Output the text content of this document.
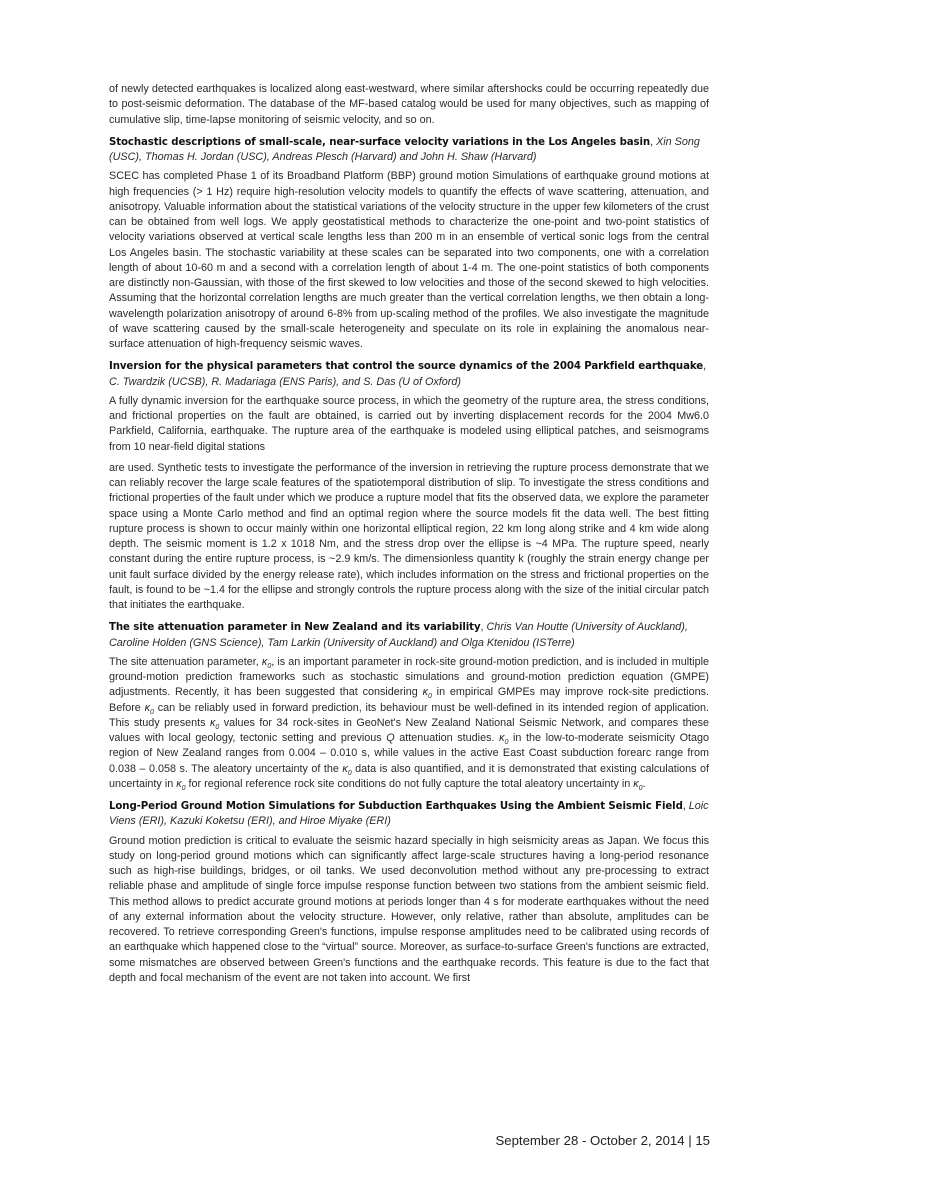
of newly detected earthquakes is localized along east-westward, where similar aftershocks could be occurring repeatedly due to post-seismic deformation. The database of the MF-based catalog would be used for many objectives, such as mapping of cumulative slip, time-lapse monitoring of seismic velocity, and so on.

Stochastic descriptions of small-scale, near-surface velocity variations in the Los Angeles basin, Xin Song (USC), Thomas H. Jordan (USC), Andreas Plesch (Harvard) and John H. Shaw (Harvard)

SCEC has completed Phase 1 of its Broadband Platform (BBP) ground motion Simulations of earthquake ground motions at high frequencies (> 1 Hz) require high-resolution velocity models to quantify the effects of wave scattering, attenuation, and anisotropy. Valuable information about the statistical variations of the velocity structure in the upper few kilometers of the crust can be obtained from well logs. We apply geostatistical methods to characterize the one-point and two-point statistics of velocity variations observed at vertical scale lengths less than 200 m in an ensemble of vertical sonic logs from the central Los Angeles basin. The stochastic variability at these scales can be separated into two components, one with a correlation length of about 10-60 m and a second with a correlation length of about 1-4 m. The one-point statistics of both components are distinctly non-Gaussian, with those of the first skewed to low velocities and those of the second skewed to high velocities. Assuming that the horizontal correlation lengths are much greater than the vertical correlation lengths, we then obtain a long-wavelength polarization anisotropy of around 6-8% from up-scaling method of the profiles. We also investigate the magnitude of wave scattering caused by the small-scale heterogeneity and speculate on its role in explaining the anomalous near-surface attenuation of high-frequency seismic waves.

Inversion for the physical parameters that control the source dynamics of the 2004 Parkfield earthquake, C. Twardzik (UCSB), R. Madariaga (ENS Paris), and S. Das (U of Oxford)

A fully dynamic inversion for the earthquake source process, in which the geometry of the rupture area, the stress conditions, and frictional properties on the fault are obtained, is carried out by inverting displacement records for the 2004 Mw6.0 Parkfield, California, earthquake. The rupture area of the earthquake is modeled using elliptical patches, and seismograms from 10 near-field digital stations

are used. Synthetic tests to investigate the performance of the inversion in retrieving the rupture process demonstrate that we can reliably recover the large scale features of the spatiotemporal distribution of slip. To investigate the stress conditions and frictional properties of the fault under which we produce a rupture model that fits the observed data, we explore the parameter space using a Monte Carlo method and find an optimal region where the source models fit the data well. The best fitting rupture process is shown to occur mainly within one horizontal elliptical region, 22 km long along strike and 4 km wide along depth. The seismic moment is 1.2 x 1018 Nm, and the stress drop over the ellipse is ~4 MPa. The rupture speed, nearly constant during the entire rupture process, is ~2.9 km/s. The dimensionless quantity k (roughly the strain energy change per unit fault surface divided by the energy release rate), which includes information on the stress and frictional properties on the fault, is found to be ~1.4 for the ellipse and strongly controls the rupture process along with the size of the initial circular patch that initiates the earthquake.

The site attenuation parameter in New Zealand and its variability, Chris Van Houtte (University of Auckland), Caroline Holden (GNS Science), Tam Larkin (University of Auckland) and Olga Ktenidou (ISTerre)

The site attenuation parameter, $\kappa_0$, is an important parameter in rock-site ground-motion prediction, and is included in multiple ground-motion prediction frameworks such as stochastic simulations and ground-motion prediction equation (GMPE) adjustments. Recently, it has been suggested that considering $\kappa_0$ in empirical GMPEs may improve rock-site predictions. Before $\kappa_0$ can be reliably used in forward prediction, its behaviour must be well-defined in its intended region of application. This study presents $\kappa_0$ values for 34 rock-sites in GeoNet's New Zealand National Seismic Network, and compares these values with local geology, tectonic setting and previous Q attenuation studies. $\kappa_0$ in the low-to-moderate seismicity Otago region of New Zealand ranges from 0.004 – 0.010 s, while values in the active East Coast subduction forearc range from 0.038 – 0.058 s. The aleatory uncertainty of the $\kappa_0$ data is also quantified, and it is demonstrated that existing calculations of uncertainty in $\kappa_0$ for regional reference rock site conditions do not fully capture the total aleatory uncertainty in $\kappa_0$.

Long-Period Ground Motion Simulations for Subduction Earthquakes Using the Ambient Seismic Field, Loic Viens (ERI), Kazuki Koketsu (ERI), and Hiroe Miyake (ERI)

Ground motion prediction is critical to evaluate the seismic hazard specially in high seismicity areas as Japan. We focus this study on long-period ground motions which can significantly affect large-scale structures having a long-period resonance such as high-rise buildings, bridges, or oil tanks. We used deconvolution method without any pre-processing to extract reliable phase and amplitude of single force impulse response function between two stations from the ambient seismic field. This method allows to predict accurate ground motions at periods longer than 4 s for moderate earthquakes without the need of any external information about the velocity structure. However, only relative, rather than absolute, amplitudes can be recovered. To retrieve corresponding Green's functions, impulse response amplitudes need to be calibrated using records of an earthquake which happened close to the “virtual” source. Moreover, as surface-to-surface Green's functions are extracted, some mismatches are observed between Green's functions and the earthquake records. This feature is due to the fact that depth and focal mechanism of the event are not taken into account. We first

September 28 - October 2, 2014 | 15
